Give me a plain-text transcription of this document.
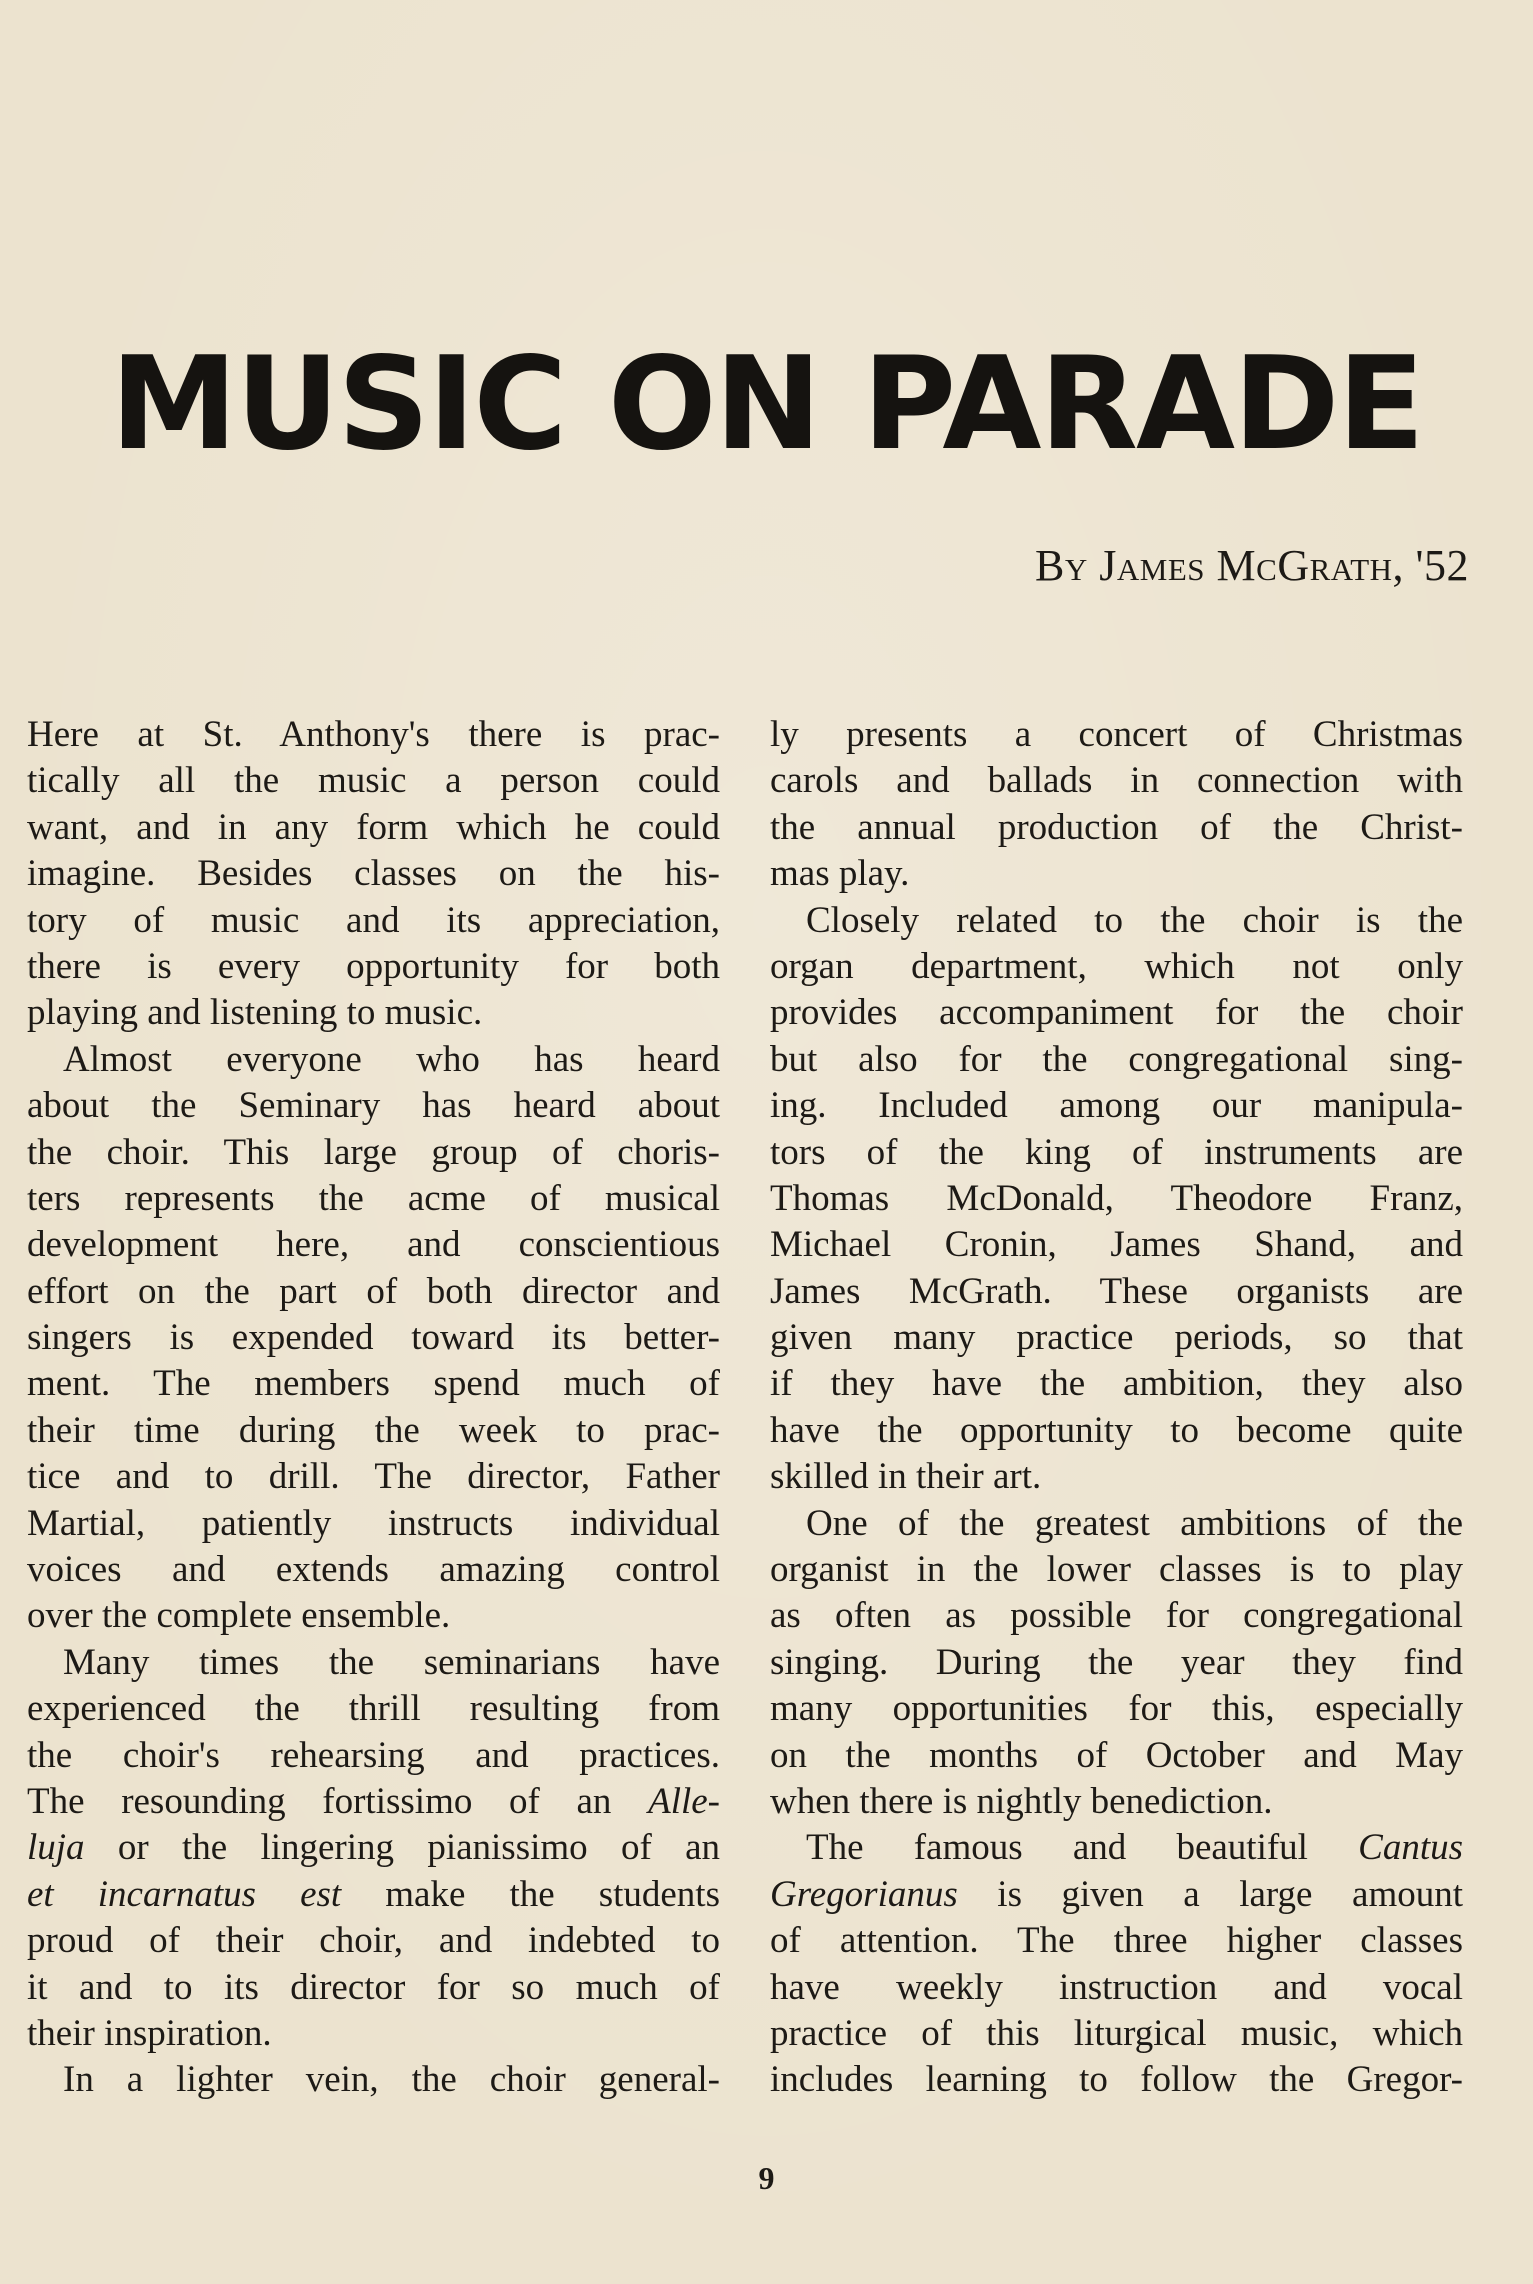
MUSIC ON PARADE
By James McGrath, '52
Here at St. Anthony's there is prac-
tically all the music a person could
want, and in any form which he could
imagine. Besides classes on the his-
tory of music and its appreciation,
there is every opportunity for both
playing and listening to music.
Almost everyone who has heard
about the Seminary has heard about
the choir. This large group of choris-
ters represents the acme of musical
development here, and conscientious
effort on the part of both director and
singers is expended toward its better-
ment. The members spend much of
their time during the week to prac-
tice and to drill. The director, Father
Martial, patiently instructs individual
voices and extends amazing control
over the complete ensemble.
Many times the seminarians have
experienced the thrill resulting from
the choir's rehearsing and practices.
The resounding fortissimo of an Alle-
luja or the lingering pianissimo of an
et incarnatus est make the students
proud of their choir, and indebted to
it and to its director for so much of
their inspiration.
In a lighter vein, the choir general-
ly presents a concert of Christmas
carols and ballads in connection with
the annual production of the Christ-
mas play.
Closely related to the choir is the
organ department, which not only
provides accompaniment for the choir
but also for the congregational sing-
ing. Included among our manipula-
tors of the king of instruments are
Thomas McDonald, Theodore Franz,
Michael Cronin, James Shand, and
James McGrath. These organists are
given many practice periods, so that
if they have the ambition, they also
have the opportunity to become quite
skilled in their art.
One of the greatest ambitions of the
organist in the lower classes is to play
as often as possible for congregational
singing. During the year they find
many opportunities for this, especially
on the months of October and May
when there is nightly benediction.
The famous and beautiful Cantus
Gregorianus is given a large amount
of attention. The three higher classes
have weekly instruction and vocal
practice of this liturgical music, which
includes learning to follow the Gregor-
9
